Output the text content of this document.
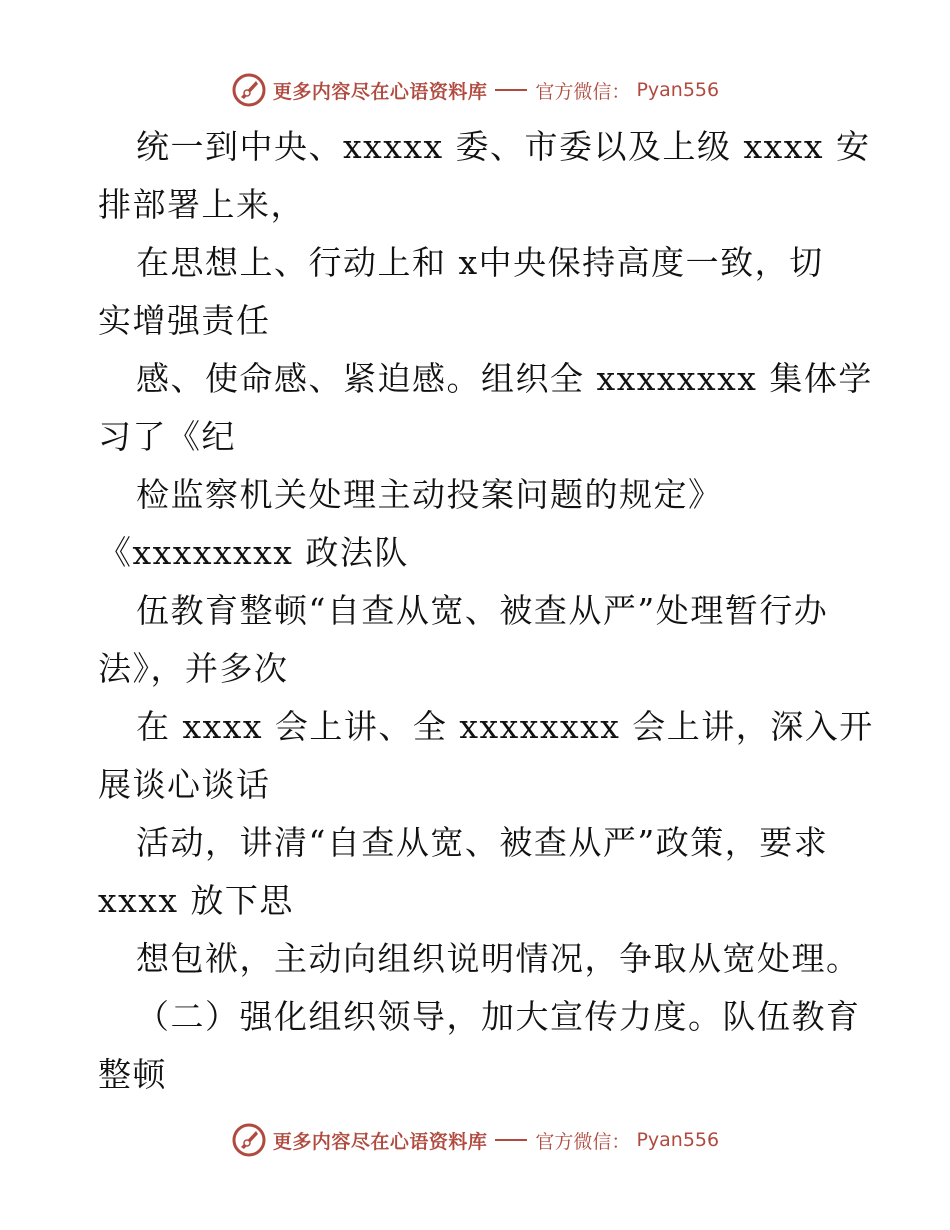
更多内容尽在心语资料库	官方微信： Pyan556
统一到中央、xxxxx 委、市委以及上级 xxxx 安
排部署上来，
在思想上、行动上和 x中央保持高度一致，切
实增强责任
感、使命感、紧迫感。组织全 xxxxxxxx 集体学
习了《纪
检监察机关处理主动投案问题的规定》
《xxxxxxxx 政法队
伍教育整顿“自查从宽、被查从严”处理暂行办
法》，并多次
在 xxxx 会上讲、全 xxxxxxxx 会上讲，深入开
展谈心谈话
活动，讲清“自查从宽、被查从严”政策，要求
xxxx 放下思
想包袱，主动向组织说明情况，争取从宽处理。
（二）强化组织领导，加大宣传力度。队伍教育
整顿
更多内容尽在心语资料库	官方微信： Pyan556
